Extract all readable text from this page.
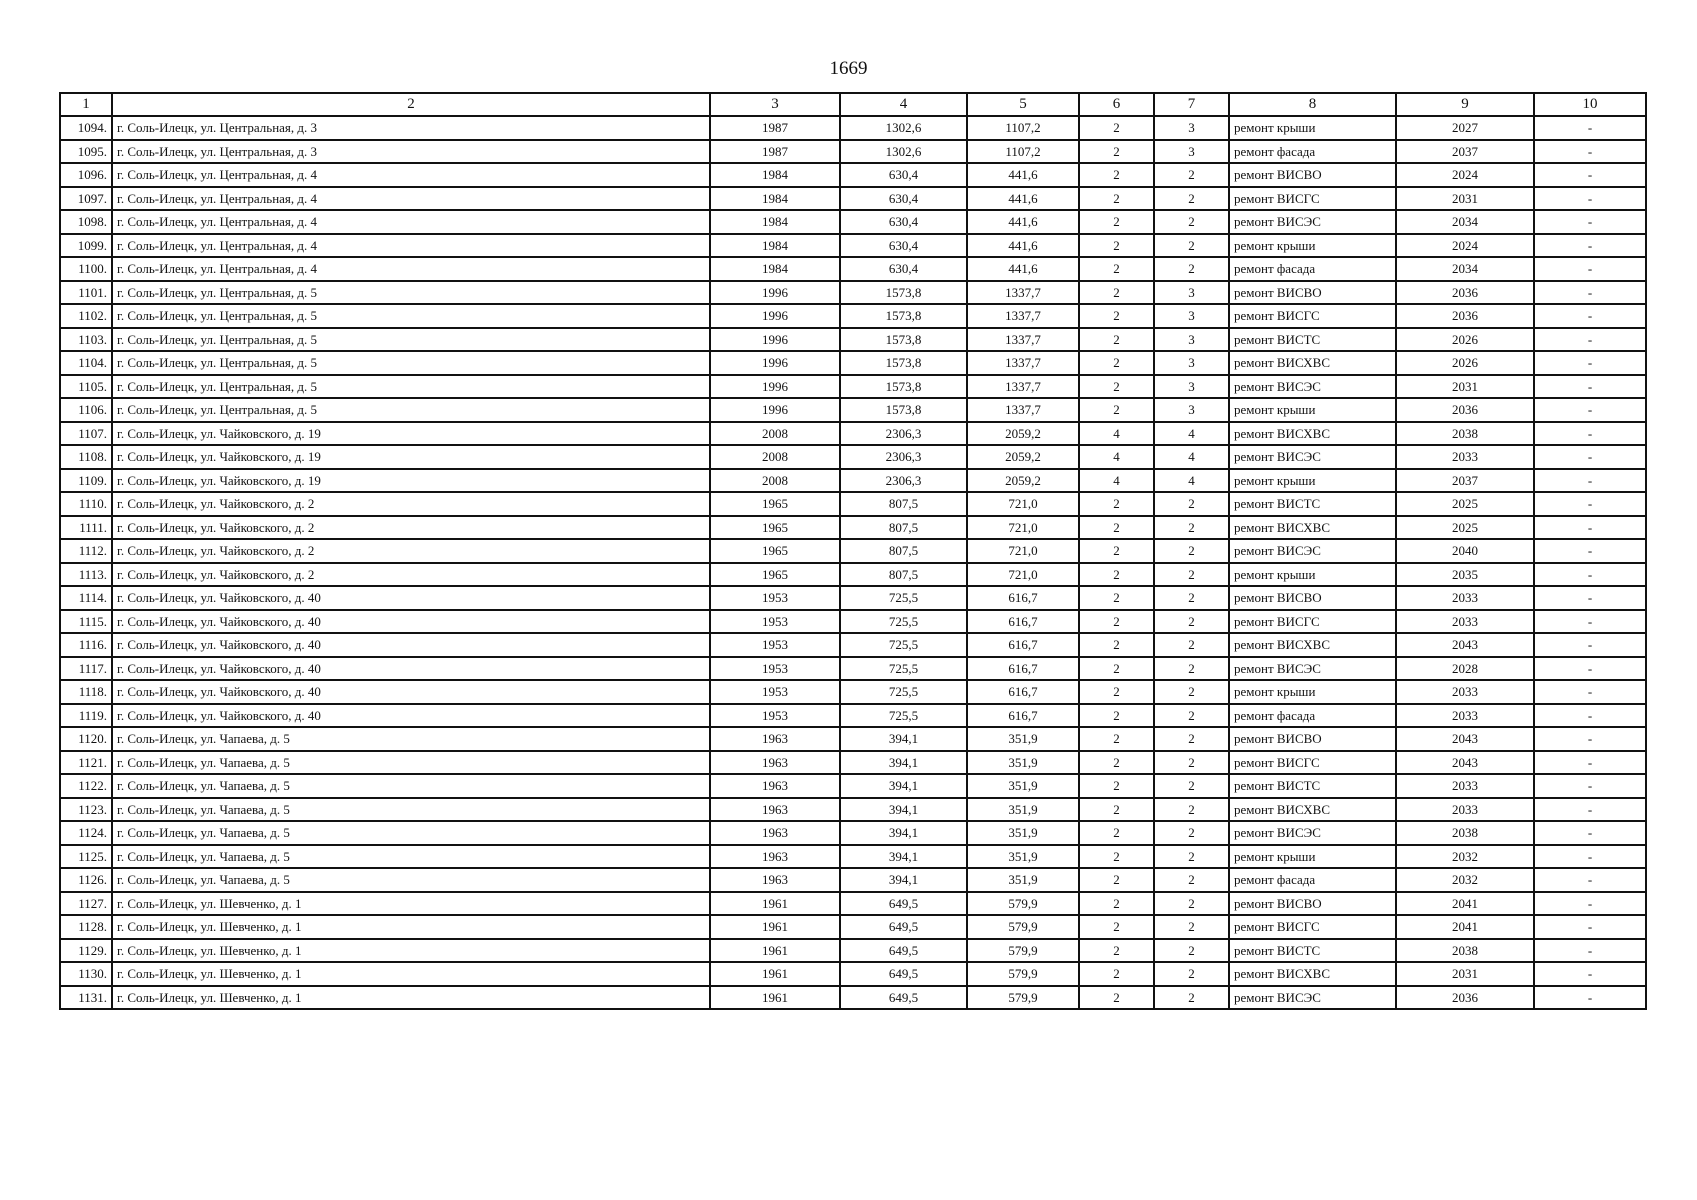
1669
1	2	3	4	5	6	7	8	9	10
1094.	г. Соль-Илецк, ул. Центральная, д. 3	1987	1302,6	1107,2	2	3	ремонт крыши	2027	-
1095.	г. Соль-Илецк, ул. Центральная, д. 3	1987	1302,6	1107,2	2	3	ремонт фасада	2037	-
1096.	г. Соль-Илецк, ул. Центральная, д. 4	1984	630,4	441,6	2	2	ремонт ВИСВО	2024	-
1097.	г. Соль-Илецк, ул. Центральная, д. 4	1984	630,4	441,6	2	2	ремонт ВИСГС	2031	-
1098.	г. Соль-Илецк, ул. Центральная, д. 4	1984	630,4	441,6	2	2	ремонт ВИСЭС	2034	-
1099.	г. Соль-Илецк, ул. Центральная, д. 4	1984	630,4	441,6	2	2	ремонт крыши	2024	-
1100.	г. Соль-Илецк, ул. Центральная, д. 4	1984	630,4	441,6	2	2	ремонт фасада	2034	-
1101.	г. Соль-Илецк, ул. Центральная, д. 5	1996	1573,8	1337,7	2	3	ремонт ВИСВО	2036	-
1102.	г. Соль-Илецк, ул. Центральная, д. 5	1996	1573,8	1337,7	2	3	ремонт ВИСГС	2036	-
1103.	г. Соль-Илецк, ул. Центральная, д. 5	1996	1573,8	1337,7	2	3	ремонт ВИСТС	2026	-
1104.	г. Соль-Илецк, ул. Центральная, д. 5	1996	1573,8	1337,7	2	3	ремонт ВИСХВС	2026	-
1105.	г. Соль-Илецк, ул. Центральная, д. 5	1996	1573,8	1337,7	2	3	ремонт ВИСЭС	2031	-
1106.	г. Соль-Илецк, ул. Центральная, д. 5	1996	1573,8	1337,7	2	3	ремонт крыши	2036	-
1107.	г. Соль-Илецк, ул. Чайковского, д. 19	2008	2306,3	2059,2	4	4	ремонт ВИСХВС	2038	-
1108.	г. Соль-Илецк, ул. Чайковского, д. 19	2008	2306,3	2059,2	4	4	ремонт ВИСЭС	2033	-
1109.	г. Соль-Илецк, ул. Чайковского, д. 19	2008	2306,3	2059,2	4	4	ремонт крыши	2037	-
1110.	г. Соль-Илецк, ул. Чайковского, д. 2	1965	807,5	721,0	2	2	ремонт ВИСТС	2025	-
1111.	г. Соль-Илецк, ул. Чайковского, д. 2	1965	807,5	721,0	2	2	ремонт ВИСХВС	2025	-
1112.	г. Соль-Илецк, ул. Чайковского, д. 2	1965	807,5	721,0	2	2	ремонт ВИСЭС	2040	-
1113.	г. Соль-Илецк, ул. Чайковского, д. 2	1965	807,5	721,0	2	2	ремонт крыши	2035	-
1114.	г. Соль-Илецк, ул. Чайковского, д. 40	1953	725,5	616,7	2	2	ремонт ВИСВО	2033	-
1115.	г. Соль-Илецк, ул. Чайковского, д. 40	1953	725,5	616,7	2	2	ремонт ВИСГС	2033	-
1116.	г. Соль-Илецк, ул. Чайковского, д. 40	1953	725,5	616,7	2	2	ремонт ВИСХВС	2043	-
1117.	г. Соль-Илецк, ул. Чайковского, д. 40	1953	725,5	616,7	2	2	ремонт ВИСЭС	2028	-
1118.	г. Соль-Илецк, ул. Чайковского, д. 40	1953	725,5	616,7	2	2	ремонт крыши	2033	-
1119.	г. Соль-Илецк, ул. Чайковского, д. 40	1953	725,5	616,7	2	2	ремонт фасада	2033	-
1120.	г. Соль-Илецк, ул. Чапаева, д. 5	1963	394,1	351,9	2	2	ремонт ВИСВО	2043	-
1121.	г. Соль-Илецк, ул. Чапаева, д. 5	1963	394,1	351,9	2	2	ремонт ВИСГС	2043	-
1122.	г. Соль-Илецк, ул. Чапаева, д. 5	1963	394,1	351,9	2	2	ремонт ВИСТС	2033	-
1123.	г. Соль-Илецк, ул. Чапаева, д. 5	1963	394,1	351,9	2	2	ремонт ВИСХВС	2033	-
1124.	г. Соль-Илецк, ул. Чапаева, д. 5	1963	394,1	351,9	2	2	ремонт ВИСЭС	2038	-
1125.	г. Соль-Илецк, ул. Чапаева, д. 5	1963	394,1	351,9	2	2	ремонт крыши	2032	-
1126.	г. Соль-Илецк, ул. Чапаева, д. 5	1963	394,1	351,9	2	2	ремонт фасада	2032	-
1127.	г. Соль-Илецк, ул. Шевченко, д. 1	1961	649,5	579,9	2	2	ремонт ВИСВО	2041	-
1128.	г. Соль-Илецк, ул. Шевченко, д. 1	1961	649,5	579,9	2	2	ремонт ВИСГС	2041	-
1129.	г. Соль-Илецк, ул. Шевченко, д. 1	1961	649,5	579,9	2	2	ремонт ВИСТС	2038	-
1130.	г. Соль-Илецк, ул. Шевченко, д. 1	1961	649,5	579,9	2	2	ремонт ВИСХВС	2031	-
1131.	г. Соль-Илецк, ул. Шевченко, д. 1	1961	649,5	579,9	2	2	ремонт ВИСЭС	2036	-
